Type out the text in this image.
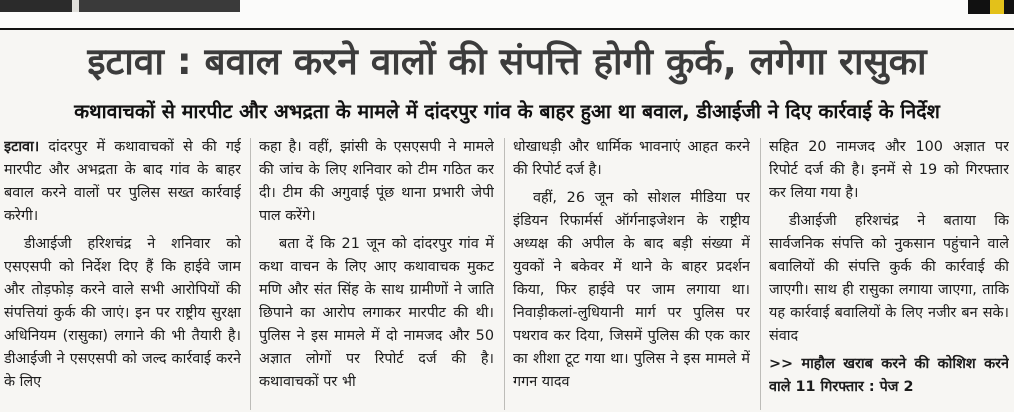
इटावा : बवाल करने वालों की संपत्ति होगी कुर्क, लगेगा रासुका
कथावाचकों से मारपीट और अभद्रता के मामले में दांदरपुर गांव के बाहर हुआ था बवाल, डीआईजी ने दिए कार्रवाई के निर्देश

इटावा। दांदरपुर में कथावाचकों से की गई मारपीट और अभद्रता के बाद गांव के बाहर बवाल करने वालों पर पुलिस सख्त कार्रवाई करेगी।

डीआईजी हरिशचंद्र ने शनिवार को एसएसपी को निर्देश दिए हैं कि हाईवे जाम और तोड़फोड़ करने वाले सभी आरोपियों की संपत्तियां कुर्क की जाएं। इन पर राष्ट्रीय सुरक्षा अधिनियम (रासुका) लगाने की भी तैयारी है। डीआईजी ने एसएसपी को जल्द कार्रवाई करने के लिए

कहा है। वहीं, झांसी के एसएसपी ने मामले की जांच के लिए शनिवार को टीम गठित कर दी। टीम की अगुवाई पूंछ थाना प्रभारी जेपी पाल करेंगे।

बता दें कि 21 जून को दांदरपुर गांव में कथा वाचन के लिए आए कथावाचक मुकट मणि और संत सिंह के साथ ग्रामीणों ने जाति छिपाने का आरोप लगाकर मारपीट की थी। पुलिस ने इस मामले में दो नामजद और 50 अज्ञात लोगों पर रिपोर्ट दर्ज की है। कथावाचकों पर भी

धोखाधड़ी और धार्मिक भावनाएं आहत करने की रिपोर्ट दर्ज है।

वहीं, 26 जून को सोशल मीडिया पर इंडियन रिफार्मर्स ऑर्गनाइजेशन के राष्ट्रीय अध्यक्ष की अपील के बाद बड़ी संख्या में युवकों ने बकेवर में थाने के बाहर प्रदर्शन किया, फिर हाईवे पर जाम लगाया था। निवाड़ीकलां-लुधियानी मार्ग पर पुलिस पर पथराव कर दिया, जिसमें पुलिस की एक कार का शीशा टूट गया था। पुलिस ने इस मामले में गगन यादव

सहित 20 नामजद और 100 अज्ञात पर रिपोर्ट दर्ज की है। इनमें से 19 को गिरफ्तार कर लिया गया है।

डीआईजी हरिशचंद्र ने बताया कि सार्वजनिक संपत्ति को नुकसान पहुंचाने वाले बवालियों की संपत्ति कुर्क की कार्रवाई की जाएगी। साथ ही रासुका लगाया जाएगा, ताकि यह कार्रवाई बवालियों के लिए नजीर बन सके। संवाद

>> माहौल खराब करने की कोशिश करने वाले 11 गिरफ्तार : पेज 2
